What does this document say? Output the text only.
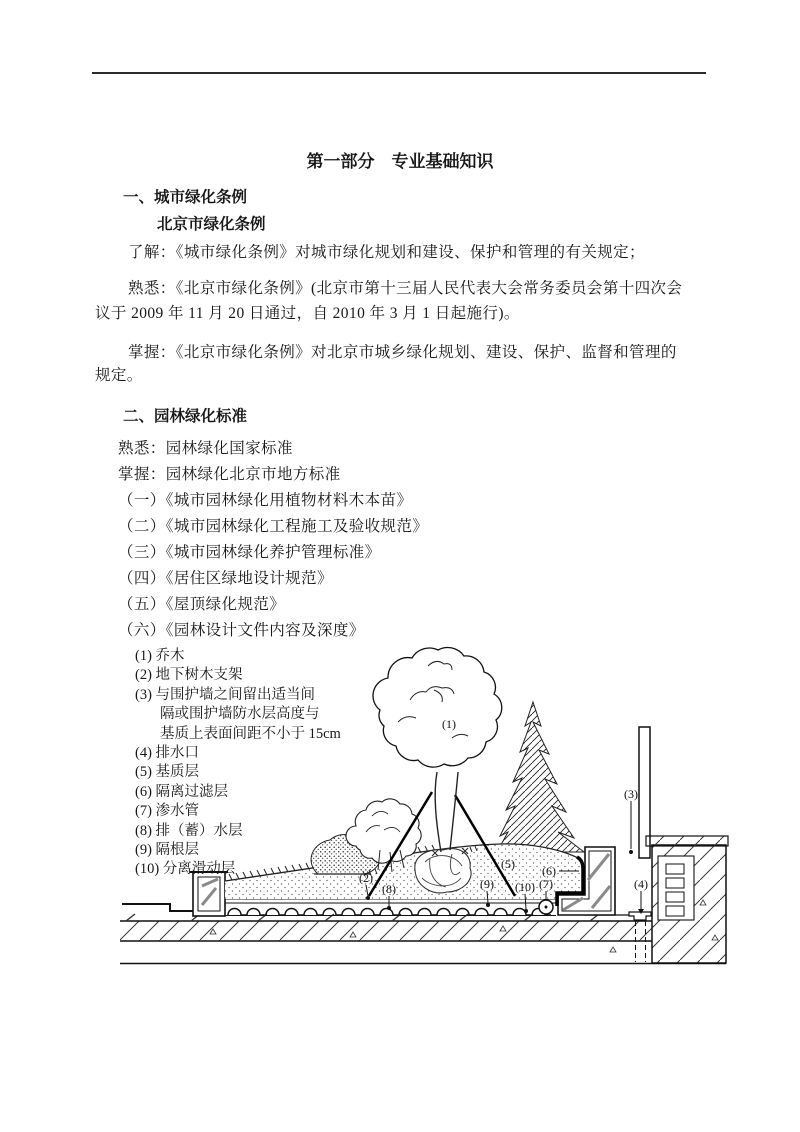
第一部分　专业基础知识
一、城市绿化条例
北京市绿化条例
了解：《城市绿化条例》对城市绿化规划和建设、保护和管理的有关规定；
熟悉：《北京市绿化条例》(北京市第十三届人民代表大会常务委员会第十四次会
议于 2009 年 11 月 20 日通过，自 2010 年 3 月 1 日起施行)。
掌握：《北京市绿化条例》对北京市城乡绿化规划、建设、保护、监督和管理的
规定。
二、园林绿化标准
熟悉：园林绿化国家标准
掌握：园林绿化北京市地方标准
（一）《城市园林绿化用植物材料木本苗》
（二）《城市园林绿化工程施工及验收规范》
（三）《城市园林绿化养护管理标准》
（四）《居住区绿地设计规范》
（五）《屋顶绿化规范》
（六）《园林设计文件内容及深度》
(1)
(2)
(3)
(4)
(5) (6)
(7)
(8)	(9) (10)
(1) 乔木
(2) 地下树木支架
(3) 与围护墙之间留出适当间
隔或围护墙防水层高度与
基质上表面间距不小于 15cm
(4) 排水口
(5) 基质层
(6) 隔离过滤层
(7) 渗水管
(8) 排（蓄）水层
(9) 隔根层
(10) 分离滑动层
